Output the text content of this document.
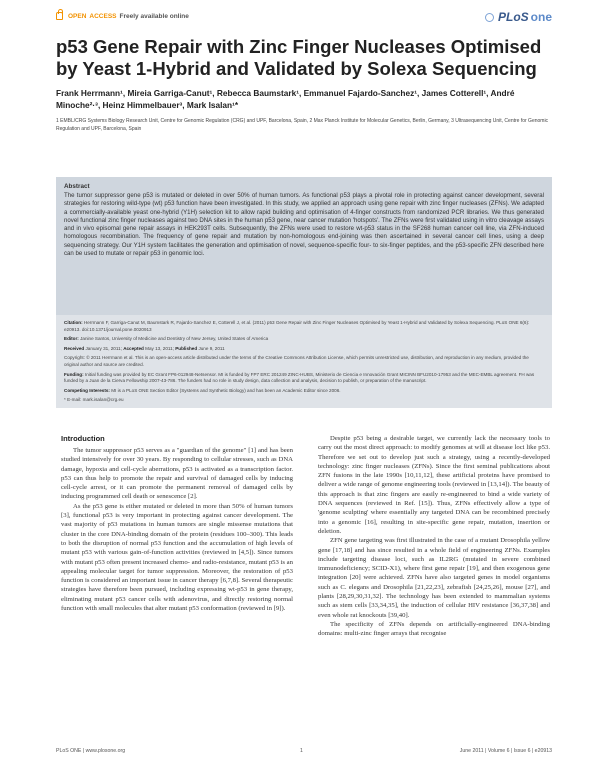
OPEN ACCESS Freely available online	PLoS one
p53 Gene Repair with Zinc Finger Nucleases Optimised by Yeast 1-Hybrid and Validated by Solexa Sequencing
Frank Herrmann¹, Mireia Garriga-Canut¹, Rebecca Baumstark¹, Emmanuel Fajardo-Sanchez¹, James Cotterell¹, André Minoche²·³, Heinz Himmelbauer³, Mark Isalan¹*
1 EMBL/CRG Systems Biology Research Unit, Centre for Genomic Regulation (CRG) and UPF, Barcelona, Spain, 2 Max Planck Institute for Molecular Genetics, Berlin, Germany, 3 Ultrasequencing Unit, Centre for Genomic Regulation and UPF, Barcelona, Spain
Abstract
The tumor suppressor gene p53 is mutated or deleted in over 50% of human tumors. As functional p53 plays a pivotal role in protecting against cancer development, several strategies for restoring wild-type (wt) p53 function have been investigated. In this study, we applied an approach using gene repair with zinc finger nucleases (ZFNs). We adapted a commercially-available yeast one-hybrid (Y1H) selection kit to allow rapid building and optimisation of 4-finger constructs from randomized PCR libraries. We thus generated novel functional zinc finger nucleases against two DNA sites in the human p53 gene, near cancer mutation 'hotspots'. The ZFNs were first validated using in vitro cleavage assays and in vivo episomal gene repair assays in HEK293T cells. Subsequently, the ZFNs were used to restore wt-p53 status in the SF268 human cancer cell line, via ZFN-induced homologous recombination. The frequency of gene repair and mutation by non-homologous end-joining was then ascertained in several cancer cell lines, using a deep sequencing strategy. Our Y1H system facilitates the generation and optimisation of novel, sequence-specific four- to six-finger peptides, and the p53-specific ZFN described here can be used to mutate or repair p53 in genomic loci.

Citation: Herrmann F, Garriga-Canut M, Baumstark R, Fajardo-Sanchez E, Cotterell J, et al. (2011) p53 Gene Repair with Zinc Finger Nucleases Optimised by Yeast 1-Hybrid and Validated by Solexa Sequencing. PLoS ONE 6(6): e20913. doi:10.1371/journal.pone.0020913

Editor: Janine Santos, University of Medicine and Dentistry of New Jersey, United States of America

Received January 31, 2011; Accepted May 13, 2011; Published June 9, 2011

Copyright: © 2011 Herrmann et al. This is an open-access article distributed under the terms of the Creative Commons Attribution License, which permits unrestricted use, distribution, and reproduction in any medium, provided the original author and source are credited.

Funding: Initial funding was provided by EC Grant FP6-012948-Netsensor. MI is funded by FP7 ERC 201249 ZINC-HUBS, Ministerio de Ciencia e Innovación Grant MICINN BFU2010-17953 and the MEC-EMBL agreement. FH was funded by a Juan de la Cierva Fellowship 2007-43-786. The funders had no role in study design, data collection and analysis, decision to publish, or preparation of the manuscript.

Competing Interests: MI is a PLoS ONE Section Editor (Systems and Synthetic Biology) and has been an Academic Editor since 2006.

* E-mail: mark.isalan@crg.eu

Introduction

The tumor suppressor p53 serves as a "guardian of the genome" [1] and has been studied intensively for over 30 years. By responding to cellular stresses, such as DNA damage, hypoxia and cell-cycle aberrations, p53 is activated as a transcription factor. p53 can thus help to promote the repair and survival of damaged cells by inducing cell-cycle arrest, or it can promote the permanent removal of damaged cells by inducing programmed cell death or senescence [2].

As the p53 gene is either mutated or deleted in more than 50% of human tumors [3], functional p53 is very important in protecting against cancer development. The vast majority of p53 mutations in human tumors are single missense mutations that cluster in the core DNA-binding domain of the protein (residues 100–300). This leads to both the disruption of normal p53 function and the accumulation of high levels of mutant p53 with various gain-of-function activities (reviewed in [4,5]). Since tumors with mutant p53 often present increased chemo- and radio-resistance, mutant p53 is an appealing molecular target for tumor suppression. Moreover, the restoration of p53 function is considered an important issue in cancer therapy [6,7,8]. Several therapeutic strategies have therefore been pursued, including expressing wt-p53 in gene therapy, eliminating mutant p53 cancer cells with adenovirus, and directly restoring normal function with small molecules that alter mutant p53 conformation (reviewed in [9]).

Despite p53 being a desirable target, we currently lack the necessary tools to carry out the most direct approach: to modify genomes at will at disease loci like p53. Therefore we set out to develop just such a strategy, using a recently-developed technology: zinc finger nucleases (ZFNs). Since the first seminal publications about ZFN fusions in the late 1990s [10,11,12], these artificial proteins have promised to deliver a wide range of genome engineering tools (reviewed in [13,14]). The beauty of this approach is that zinc fingers are easily re-engineered to bind a wide variety of DNA sequences (reviewed in Ref. [15]). Thus, ZFNs effectively allow a type of 'genome sculpting' where essentially any targeted DNA can be recombined precisely into a genomic [16], resulting in site-specific gene repair, mutation, insertion or deletion.

ZFN gene targeting was first illustrated in the case of a mutant Drosophila yellow gene [17,18] and has since resulted in a whole field of engineering ZFNs. Examples include targeting disease loci, such as IL2RG (mutated in severe combined immunodeficiency; SCID-X1), where first gene repair [19], and then exogenous gene integration [20] were achieved. ZFNs have also targeted genes in model organisms such as C. elegans and Drosophila [21,22,23], zebrafish [24,25,26], mouse [27], and plants [28,29,30,31,32]. The technology has been extended to mammalian systems such as stem cells [33,34,35], the induction of cellular HIV resistance [36,37,38] and even whole rat knockouts [39,40].

The specificity of ZFNs depends on artificially-engineered DNA-binding domains: multi-zinc finger arrays that recognise

PLoS ONE | www.plosone.org	1	June 2011 | Volume 6 | Issue 6 | e20913
